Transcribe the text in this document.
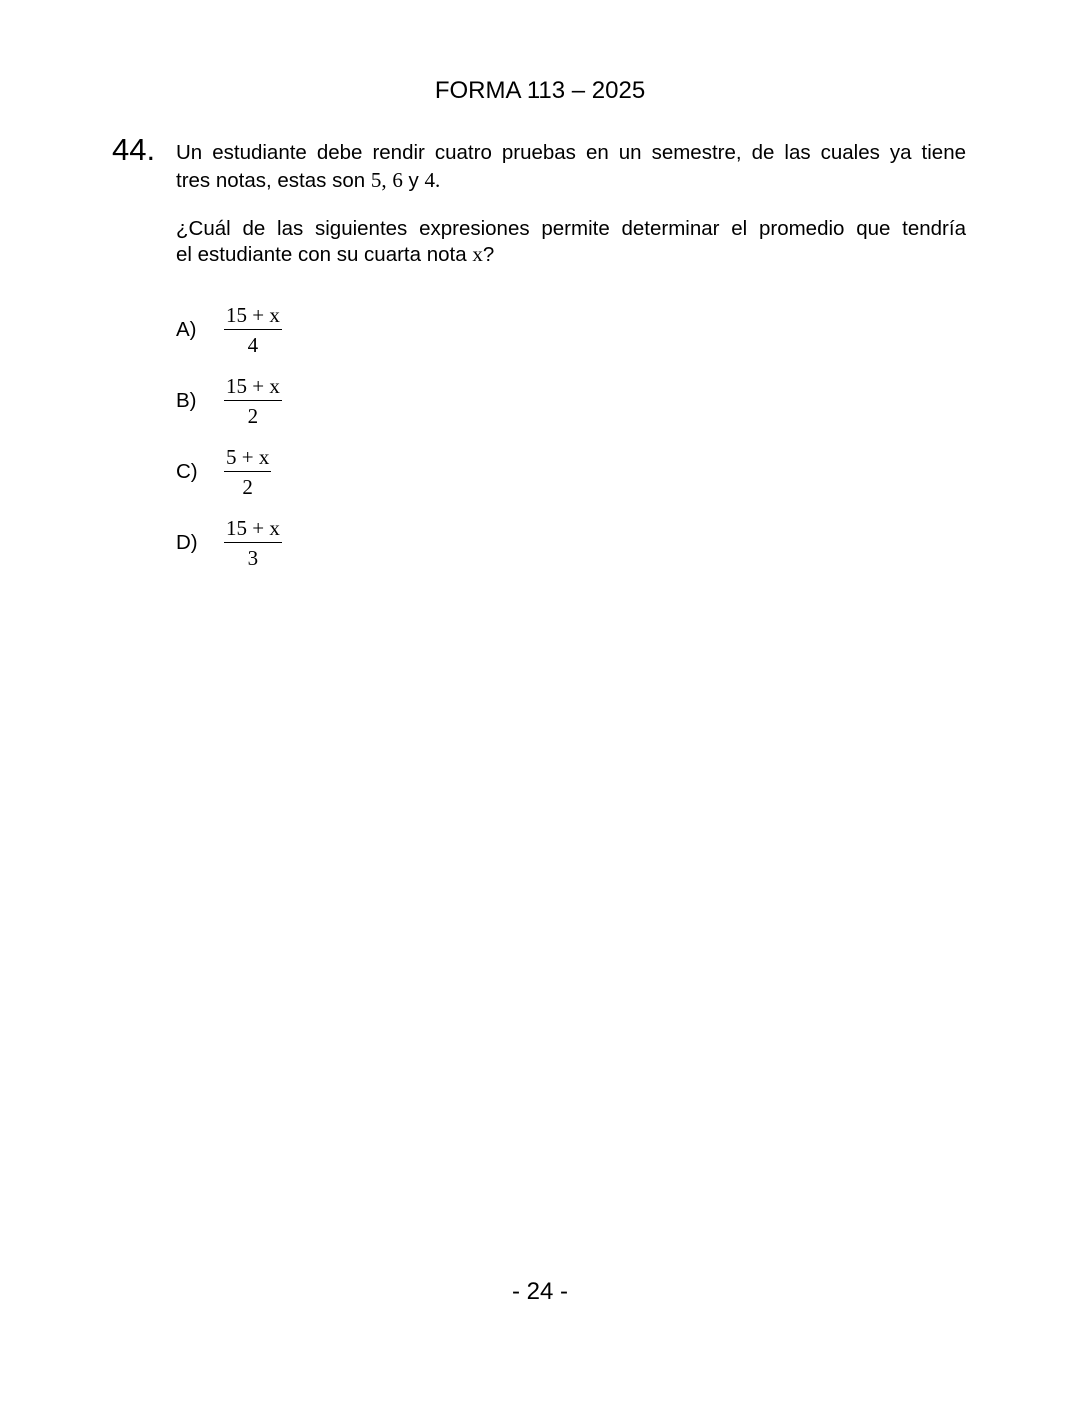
FORMA 113 – 2025
44. Un estudiante debe rendir cuatro pruebas en un semestre, de las cuales ya tiene
tres notas, estas son 5, 6 y 4.
¿Cuál de las siguientes expresiones permite determinar el promedio que tendría
el estudiante con su cuarta nota x?
$A) \frac{15 + x}{4}$
$B) \frac{15 + x}{2}$
$C) \frac{5 + x}{2}$
$D) \frac{15 + x}{3}$
- 24 -
